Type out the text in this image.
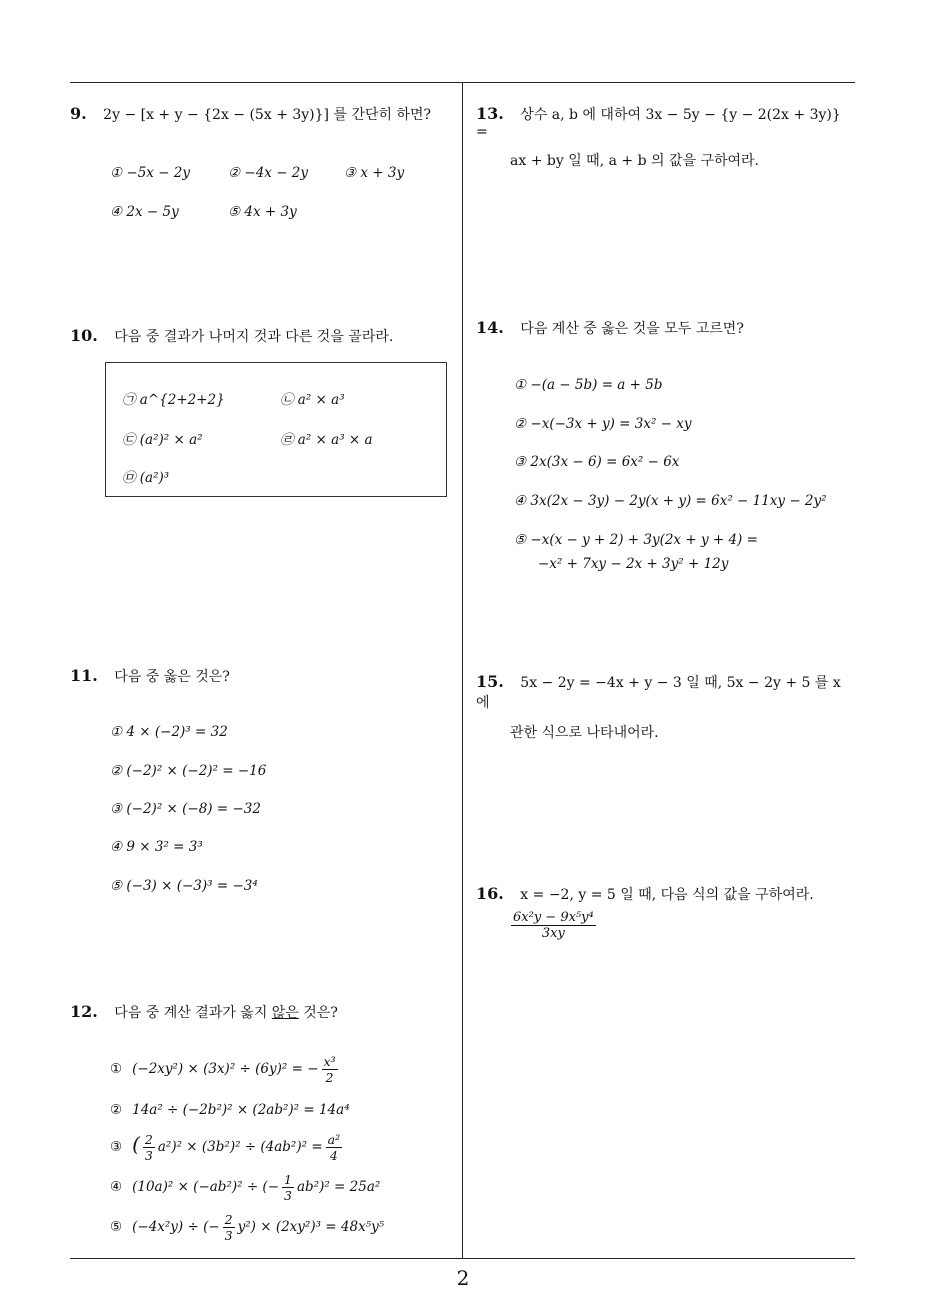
9. 2y − [x + y − {2x − (5x + 3y)}] 를 간단히 하면?
① −5x − 2y	② −4x − 2y	③ x + 3y
④ 2x − 5y	⑤ 4x + 3y
10. 다음 중 결과가 나머지 것과 다른 것을 골라라.
㉠ a^{2+2+2}	㉡ a² × a³
㉢ (a²)² × a²	㉣ a² × a³ × a
㉤ (a²)³
11. 다음 중 옳은 것은?
① 4 × (−2)³ = 32
② (−2)² × (−2)² = −16
③ (−2)² × (−8) = −32
④ 9 × 3² = 3³
⑤ (−3) × (−3)³ = −3⁴
12. 다음 중 계산 결과가 옳지 않은 것은?
① (−2xy²) × (3x)² ÷ (6y)² = − $\frac{\text{x³}}{2}$
② 14a² ÷ (−2b²)² × (2ab²)² = 14a⁴
③ ( $\frac{2}{3} a^2)^2 \times (3b^2)^2 \div (4ab^2)^2 = \frac{\text{a²}}{4}$
④ (10a)² × (−ab²)² ÷ (− $\frac{1}{3} ab^2)^2 = 25a^2$
⑤ (−4x²y) ÷ (− $\frac{2}{3} y^2) \times (2xy^2)^3 = 48x^5y^5$
13. 상수 a, b 에 대하여 3x − 5y − {y − 2(2x + 3y)} =
ax + by 일 때, a + b 의 값을 구하여라.
14. 다음 계산 중 옳은 것을 모두 고르면?
① −(a − 5b) = a + 5b
② −x(−3x + y) = 3x² − xy
③ 2x(3x − 6) = 6x² − 6x
④ 3x(2x − 3y) − 2y(x + y) = 6x² − 11xy − 2y²
⑤ −x(x − y + 2) + 3y(2x + y + 4) =
−x² + 7xy − 2x + 3y² + 12y
15. 5x − 2y = −4x + y − 3 일 때, 5x − 2y + 5 를 x 에
관한 식으로 나타내어라.
16. x = −2, y = 5 일 때, 다음 식의 값을 구하여라.
$\frac{\text{6x²y − 9x⁵y⁴}}{3xy}$
2
